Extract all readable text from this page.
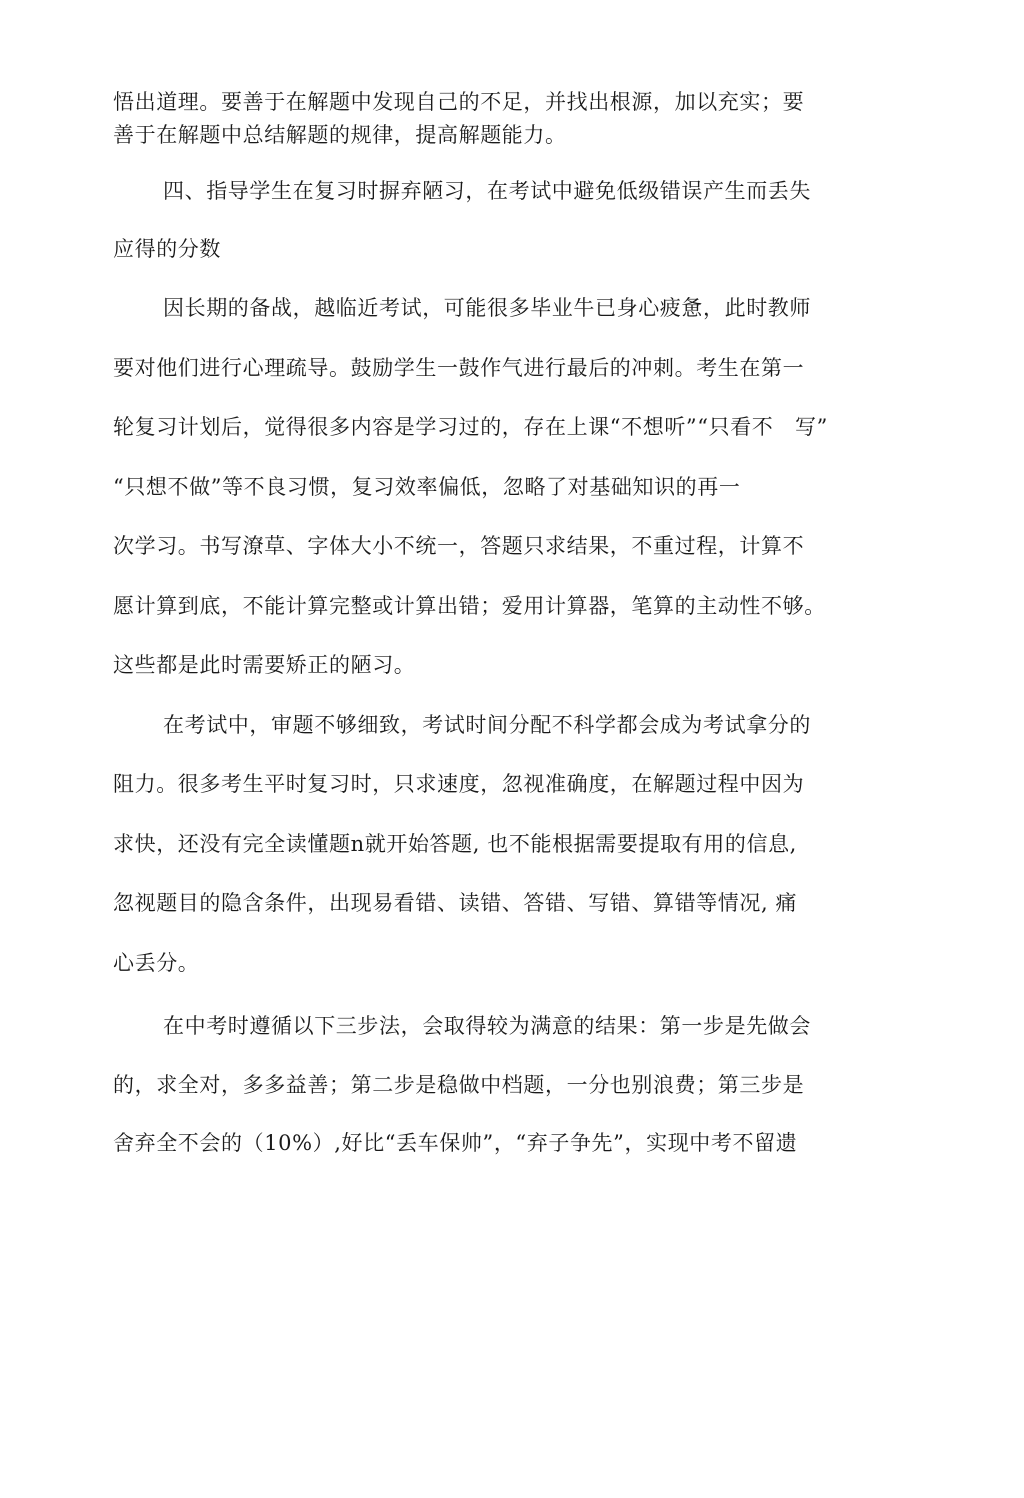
悟出道理。要善于在解题中发现自己的不足，并找出根源，加以充实；要
善于在解题中总结解题的规律，提高解题能力。
四、指导学生在复习时摒弃陋习，在考试中避免低级错误产生而丢失
应得的分数
因长期的备战，越临近考试，可能很多毕业牛已身心疲惫，此时教师
要对他们进行心理疏导。鼓励学生一鼓作气进行最后的冲刺。考生在第一
轮复习计划后，觉得很多内容是学习过的，存在上课“不想听”“只看不　写”
“只想不做”等不良习惯，复习效率偏低，忽略了对基础知识的再一
次学习。书写潦草、字体大小不统一，答题只求结果，不重过程，计算不
愿计算到底，不能计算完整或计算出错；爱用计算器，笔算的主动性不够。
这些都是此时需要矫正的陋习。
在考试中，审题不够细致，考试时间分配不科学都会成为考试拿分的
阻力。很多考生平时复习时，只求速度，忽视准确度，在解题过程中因为
求快，还没有完全读懂题n就开始答题, 也不能根据需要提取有用的信息,
忽视题目的隐含条件，出现易看错、读错、答错、写错、算错等情况, 痛
心丢分。
在中考时遵循以下三步法，会取得较为满意的结果：第一步是先做会
的，求全对，多多益善；第二步是稳做中档题，一分也别浪费；第三步是
舍弃全不会的（10%）,好比“丢车保帅”，“弃子争先”，实现中考不留遗
